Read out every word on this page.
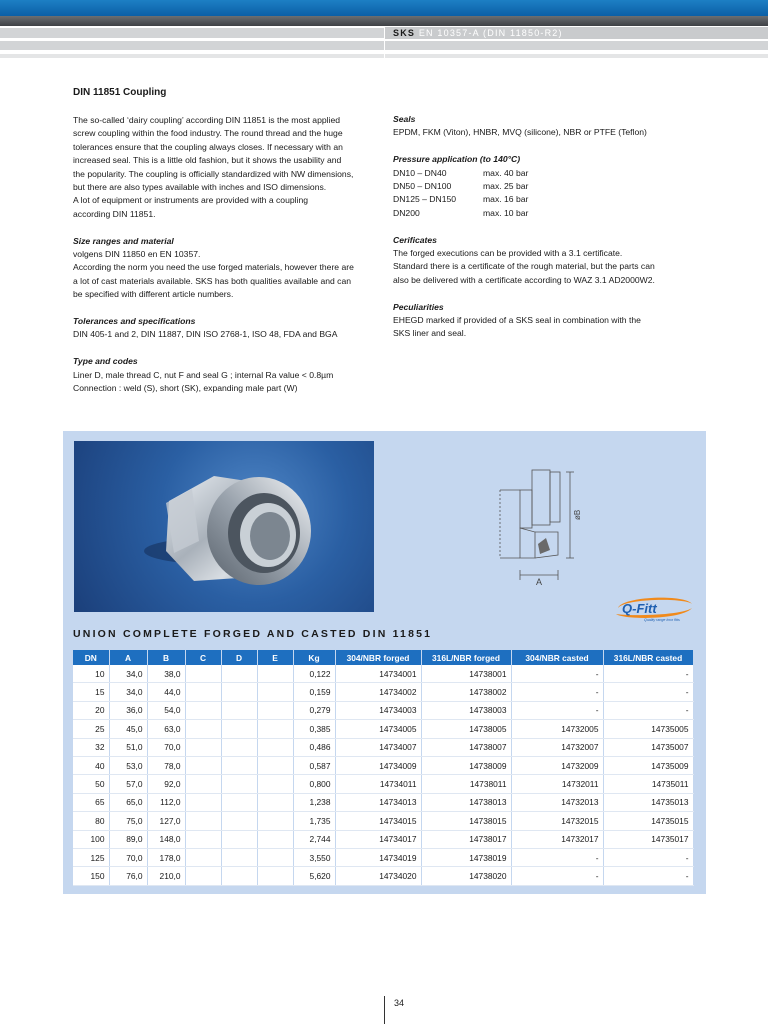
SKS EN 10357-A (DIN 11850-R2)
DIN 11851 Coupling

The so-called ‘dairy coupling’ according DIN 11851 is the most applied

screw coupling within the food industry. The round thread and the huge

tolerances ensure that the coupling always closes. If necessary with an

increased seal. This is a little old fashion, but it shows the usability and

the popularity. The coupling is officially standardized with NW dimensions,

but there are also types available with inches and ISO dimensions.

A lot of equipment or instruments are provided with a coupling

according DIN 11851.

Size ranges and material

volgens DIN 11850 en EN 10357.

According the norm you need the use forged materials, however there are

a lot of cast materials available. SKS has both qualities available and can

be specified with different article numbers.

Tolerances and specifications

DIN 405-1 and 2, DIN 11887, DIN ISO 2768-1, ISO 48, FDA and BGA

Type and codes

Liner D, male thread C, nut F and seal G ; internal Ra value < 0.8µm

Connection : weld (S), short (SK), expanding male part (W)

Seals

EPDM, FKM (Viton), HNBR, MVQ (silicone), NBR or PTFE (Teflon)

Pressure application (to 140°C)
DN10 – DN40	max. 40 bar
DN50 – DN100	max. 25 bar
DN125 – DN150	max. 16 bar
DN200	max. 10 bar
Cerificates

The forged executions can be provided with a 3.1 certificate.

Standard there is a certificate of the rough material, but the parts can

also be delivered with a certificate according to WAZ 3.1 AD2000W2.

Peculiarities

EHEGD marked if provided of a SKS seal in combination with the

SKS liner and seal.

A
øB
Q-Fitt
Quality range Inox fitts
UNION COMPLETE FORGED AND CASTED DIN 11851
DN	A	B	C	D	E	Kg	304/NBR forged	316L/NBR forged	304/NBR casted	316L/NBR casted
10	34,0	38,0				0,122	14734001	14738001	-	-
15	34,0	44,0				0,159	14734002	14738002	-	-
20	36,0	54,0				0,279	14734003	14738003	-	-
25	45,0	63,0				0,385	14734005	14738005	14732005	14735005
32	51,0	70,0				0,486	14734007	14738007	14732007	14735007
40	53,0	78,0				0,587	14734009	14738009	14732009	14735009
50	57,0	92,0				0,800	14734011	14738011	14732011	14735011
65	65,0	112,0				1,238	14734013	14738013	14732013	14735013
80	75,0	127,0				1,735	14734015	14738015	14732015	14735015
100	89,0	148,0				2,744	14734017	14738017	14732017	14735017
125	70,0	178,0				3,550	14734019	14738019	-	-
150	76,0	210,0				5,620	14734020	14738020	-	-
34
